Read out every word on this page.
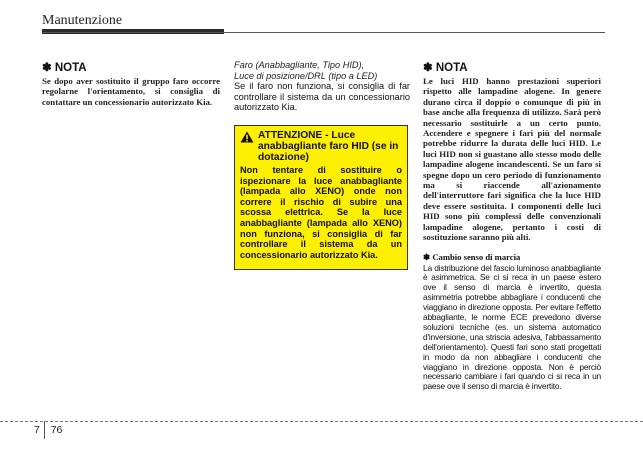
Manutenzione
✽ NOTA
Se dopo aver sostituito il gruppo faro occorre regolarne l'orientamento, si consiglia di contattare un concessionario autorizzato Kia.
Faro (Anabbagliante, Tipo HID),
Luce di posizione/DRL (tipo a LED)
Se il faro non funziona, si consiglia di far controllare il sistema da un concessionario autorizzato Kia.
ATTENZIONE - Luce anabbagliante faro HID (se in dotazione)
Non tentare di sostituire o ispezionare la luce anabbagliante (lampada allo XENO) onde non correre il rischio di subire una scossa elettrica. Se la luce anabbagliante (lampada allo XENO) non funziona, si consiglia di far controllare il sistema da un concessionario autorizzato Kia.
✽ NOTA
Le luci HID hanno prestazioni superiori rispetto alle lampadine alogene. In genere durano circa il doppio o comunque di più in base anche alla frequenza di utilizzo. Sarà però necessario sostituirle a un certo punto. Accendere e spegnere i fari più del normale potrebbe ridurre la durata delle luci HID. Le luci HID non si guastano allo stesso modo delle lampadine alogene incandescenti. Se un faro si spegne dopo un cero periodo di funzionamento ma si riaccende all'azionamento dell'interruttore fari significa che la luce HID deve essere sostituita. I componenti delle luci HID sono più complessi delle convenzionali lampadine alogene, pertanto i costi di sostituzione saranno più alti.
✽ Cambio senso di marcia
La distribuzione del fascio luminoso anabbagliante è asimmetrica. Se ci si reca in un paese estero ove il senso di marcia è invertito, questa asimmetria potrebbe abbagliare i conducenti che viaggiano in direzione opposta. Per evitare l'effetto abbagliante, le norme ECE prevedono diverse soluzioni tecniche (es. un sistema automatico d'inversione, una striscia adesiva, l'abbassamento dell'orientamento). Questi fari sono stati progettati in modo da non abbagliare i conducenti che viaggiano in direzione opposta. Non è perciò necessario cambiare i fari quando ci si reca in un paese ove il senso di marcia è invertito.
7 76
